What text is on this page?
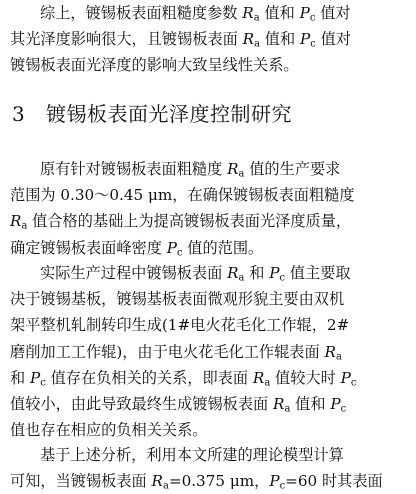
综上，镀锡板表面粗糙度参数 $R_a$ 值和 $P_c$ 值对
其光泽度影响很大，且镀锡板表面 $R_a$ 值和 $P_c$ 值对
镀锡板表面光泽度的影响大致呈线性关系。
3 镀锡板表面光泽度控制研究
原有针对镀锡板表面粗糙度 $R_a$ 值的生产要求
范围为 0.30～0.45 μm，在确保镀锡板表面粗糙度
$R_a$ 值合格的基础上为提高镀锡板表面光泽度质量，
确定镀锡板表面峰密度 $P_c$ 值的范围。
实际生产过程中镀锡板表面 $R_a$ 和 $P_c$ 值主要取
决于镀锡基板，镀锡基板表面微观形貌主要由双机
架平整机轧制转印生成(1#电火花毛化工作辊，2#
磨削加工工作辊)，由于电火花毛化工作辊表面 $R_a$
和 $P_c$ 值存在负相关的关系，即表面 $R_a$ 值较大时 $P_c$
值较小，由此导致最终生成镀锡板表面 $R_a$ 值和 $P_c$
值也存在相应的负相关关系。
基于上述分析，利用本文所建的理论模型计算
可知，当镀锡板表面 $R_a=0.375$ μm，$P_c=60$ 时其表面
